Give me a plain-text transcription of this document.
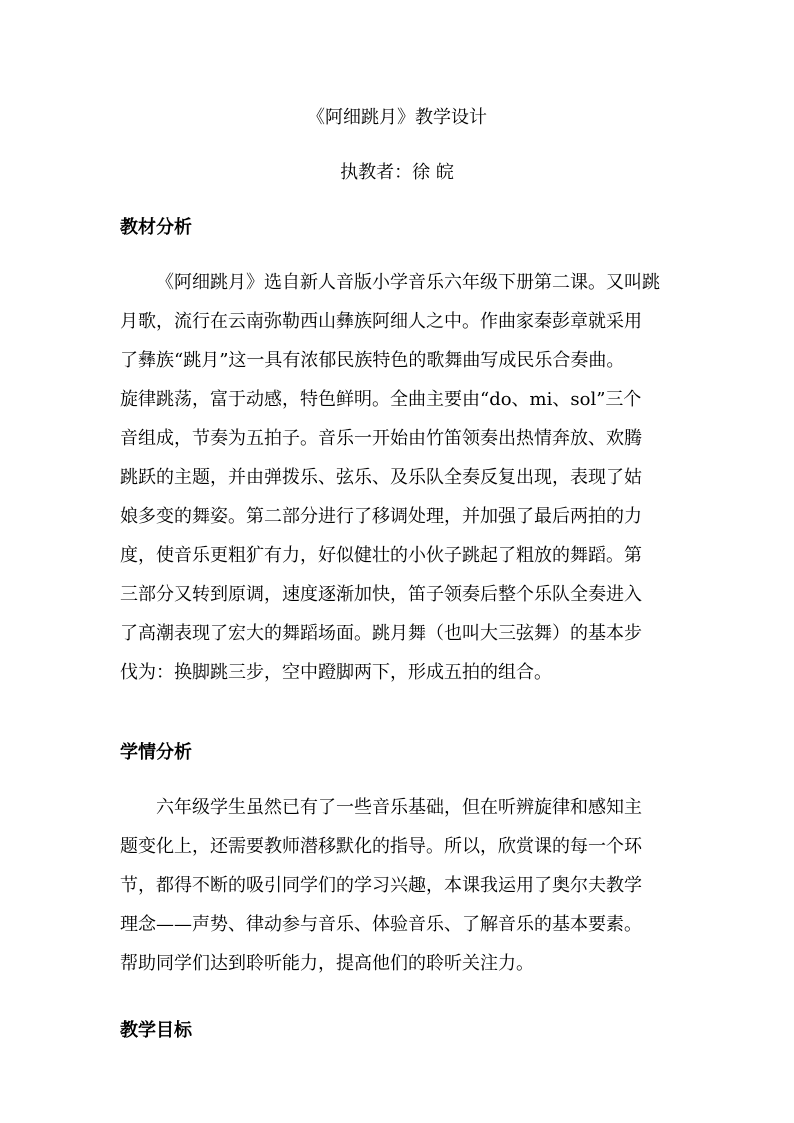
《阿细跳月》教学设计
执教者：徐 皖
教材分析
《阿细跳月》选自新人音版小学音乐六年级下册第二课。又叫跳
月歌，流行在云南弥勒西山彝族阿细人之中。作曲家秦彭章就采用
了彝族“跳月”这一具有浓郁民族特色的歌舞曲写成民乐合奏曲。
旋律跳荡，富于动感，特色鲜明。全曲主要由“do、mi、sol”三个
音组成，节奏为五拍子。音乐一开始由竹笛领奏出热情奔放、欢腾
跳跃的主题，并由弹拨乐、弦乐、及乐队全奏反复出现，表现了姑
娘多变的舞姿。第二部分进行了移调处理，并加强了最后两拍的力
度，使音乐更粗犷有力，好似健壮的小伙子跳起了粗放的舞蹈。第
三部分又转到原调，速度逐渐加快，笛子领奏后整个乐队全奏进入
了高潮表现了宏大的舞蹈场面。跳月舞（也叫大三弦舞）的基本步
伐为：换脚跳三步，空中蹬脚两下，形成五拍的组合。
学情分析
六年级学生虽然已有了一些音乐基础，但在听辨旋律和感知主
题变化上，还需要教师潜移默化的指导。所以，欣赏课的每一个环
节，都得不断的吸引同学们的学习兴趣，本课我运用了奥尔夫教学
理念——声势、律动参与音乐、体验音乐、了解音乐的基本要素。
帮助同学们达到聆听能力，提高他们的聆听关注力。
教学目标
